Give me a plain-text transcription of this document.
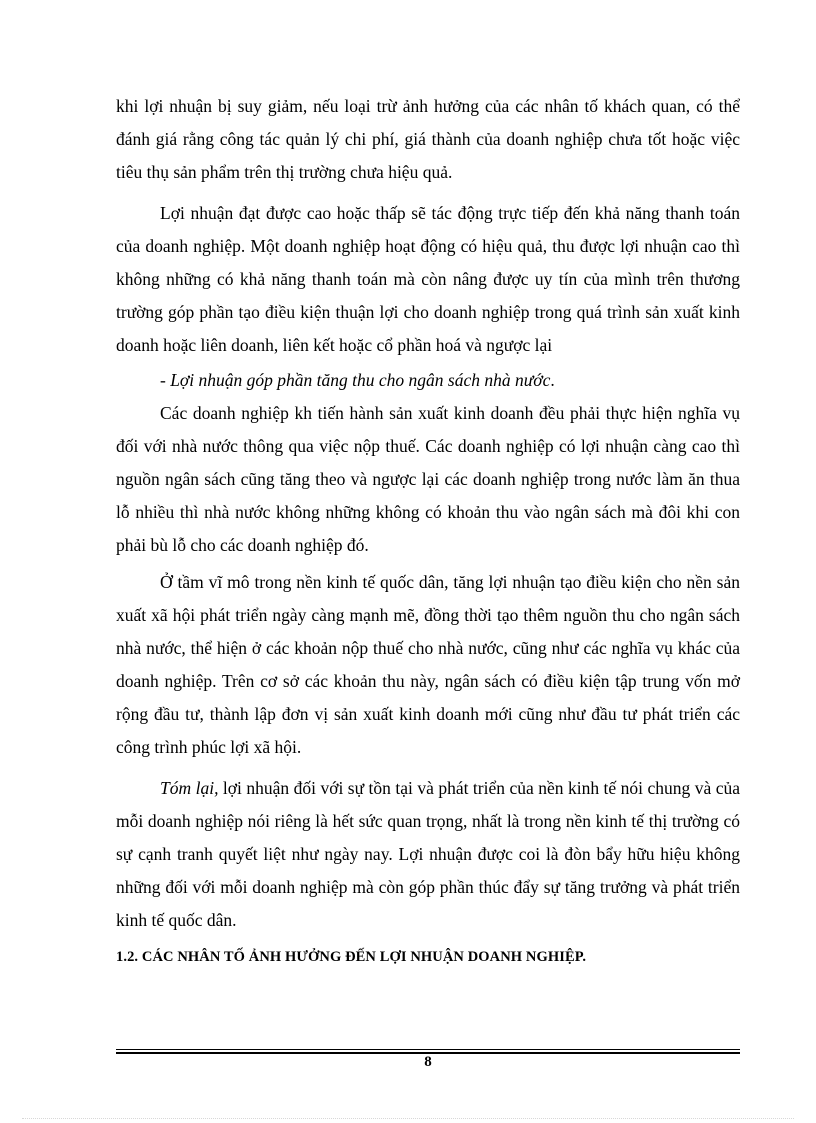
khi lợi nhuận bị suy giảm, nếu loại trừ ảnh hưởng của các nhân tố khách quan, có thể đánh giá rằng công tác quản lý chi phí, giá thành của doanh nghiệp chưa tốt hoặc việc tiêu thụ sản phẩm trên thị trường chưa hiệu quả.

Lợi nhuận đạt được cao hoặc thấp sẽ tác động trực tiếp đến khả năng thanh toán của doanh nghiệp. Một doanh nghiệp hoạt động có hiệu quả, thu được lợi nhuận cao thì không những có khả năng thanh toán mà còn nâng được uy tín của mình trên thương trường góp phần tạo điều kiện thuận lợi cho doanh nghiệp trong quá trình sản xuất kinh doanh hoặc liên doanh, liên kết hoặc cổ phần hoá và ngược lại

- Lợi nhuận góp phần tăng thu cho ngân sách nhà nước.

Các doanh nghiệp kh tiến hành sản xuất kinh doanh đều phải thực hiện nghĩa vụ đối với nhà nước thông qua việc nộp thuế. Các doanh nghiệp có lợi nhuận càng cao thì nguồn ngân sách cũng tăng theo và ngược lại các doanh nghiệp trong nước làm ăn thua lỗ nhiều thì nhà nước không những không có khoản thu vào ngân sách mà đôi khi con phải bù lỗ cho các doanh nghiệp đó.

Ở tầm vĩ mô trong nền kinh tế quốc dân, tăng lợi nhuận tạo điều kiện cho nền sản xuất xã hội phát triển ngày càng mạnh mẽ, đồng thời tạo thêm nguồn thu cho ngân sách nhà nước, thể hiện ở các khoản nộp thuế cho nhà nước, cũng như các nghĩa vụ khác của doanh nghiệp. Trên cơ sở các khoản thu này, ngân sách có điều kiện tập trung vốn mở rộng đầu tư, thành lập đơn vị sản xuất kinh doanh mới cũng như đầu tư phát triển các công trình phúc lợi xã hội.

Tóm lại, lợi nhuận đối với sự tồn tại và phát triển của nền kinh tế nói chung và của mỗi doanh nghiệp nói riêng là hết sức quan trọng, nhất là trong nền kinh tế thị trường có sự cạnh tranh quyết liệt như ngày nay. Lợi nhuận được coi là đòn bẩy hữu hiệu không những đối với mỗi doanh nghiệp mà còn góp phần thúc đẩy sự tăng trưởng và phát triển kinh tế quốc dân.

1.2. CÁC NHÂN TỐ ẢNH HƯỞNG ĐẾN LỢI NHUẬN DOANH NGHIỆP.

8
